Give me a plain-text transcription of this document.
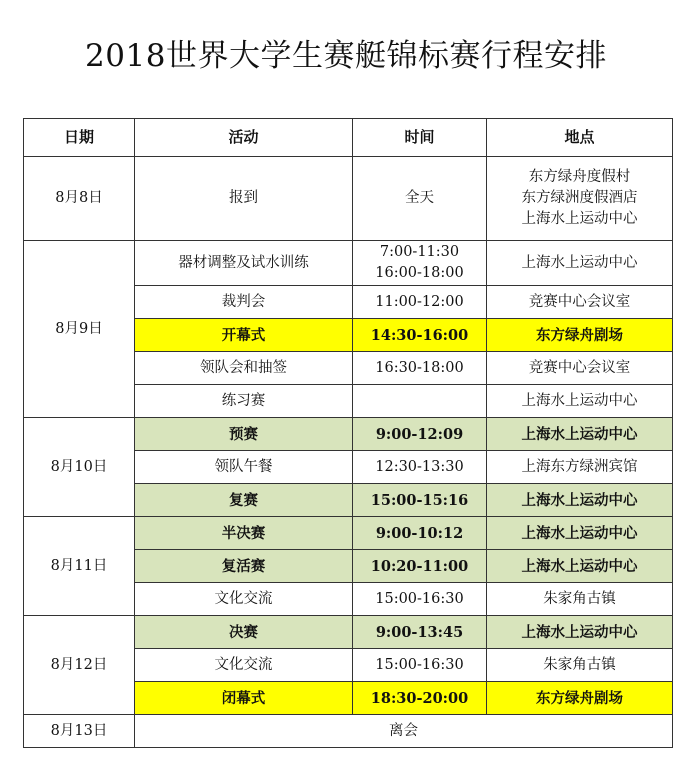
2018世界大学生赛艇锦标赛行程安排
日期	活动	时间	地点
8月8日	报到	全天	东方绿舟度假村
东方绿洲度假酒店
上海水上运动中心

8月9日	器材调整及试水训练	7:00-11:30
16:00-18:00	上海水上运动中心

	裁判会	11:00-12:00	竞赛中心会议室

	开幕式	14:30-16:00	东方绿舟剧场

	领队会和抽签	16:30-18:00	竞赛中心会议室

	练习赛		上海水上运动中心

8月10日	预赛	9:00-12:09	上海水上运动中心

	领队午餐	12:30-13:30	上海东方绿洲宾馆

	复赛	15:00-15:16	上海水上运动中心

8月11日	半决赛	9:00-10:12	上海水上运动中心

	复活赛	10:20-11:00	上海水上运动中心

	文化交流	15:00-16:30	朱家角古镇

8月12日	决赛	9:00-13:45	上海水上运动中心

	文化交流	15:00-16:30	朱家角古镇

	闭幕式	18:30-20:00	东方绿舟剧场

8月13日	离会		
